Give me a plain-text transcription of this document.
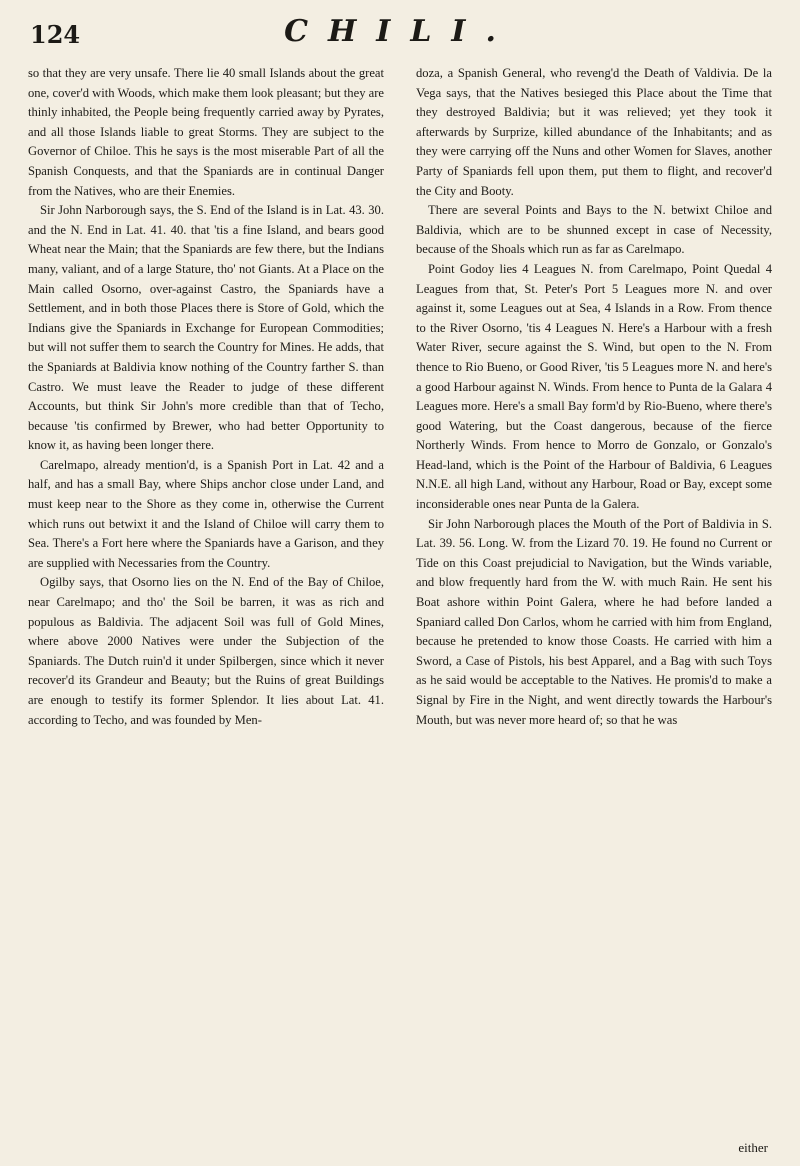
124	CHILI.

so that they are very unsafe. There lie 40 small Islands about the great one, cover'd with Woods, which make them look pleasant; but they are thinly inhabited, the People being frequently carried away by Pyrates, and all those Islands liable to great Storms. They are subject to the Governor of Chiloe. This he says is the most miserable Part of all the Spanish Conquests, and that the Spaniards are in continual Danger from the Natives, who are their Enemies.

Sir John Narborough says, the S. End of the Island is in Lat. 43. 30. and the N. End in Lat. 41. 40. that 'tis a fine Island, and bears good Wheat near the Main; that the Spaniards are few there, but the Indians many, valiant, and of a large Stature, tho' not Giants. At a Place on the Main called Osorno, over-against Castro, the Spaniards have a Settlement, and in both those Places there is Store of Gold, which the Indians give the Spaniards in Exchange for European Commodities; but will not suffer them to search the Country for Mines. He adds, that the Spaniards at Baldivia know nothing of the Country farther S. than Castro. We must leave the Reader to judge of these different Accounts, but think Sir John's more credible than that of Techo, because 'tis confirmed by Brewer, who had better Opportunity to know it, as having been longer there.

Carelmapo, already mention'd, is a Spanish Port in Lat. 42 and a half, and has a small Bay, where Ships anchor close under Land, and must keep near to the Shore as they come in, otherwise the Current which runs out betwixt it and the Island of Chiloe will carry them to Sea. There's a Fort here where the Spaniards have a Garison, and they are supplied with Necessaries from the Country.

Ogilby says, that Osorno lies on the N. End of the Bay of Chiloe, near Carelmapo; and tho' the Soil be barren, it was as rich and populous as Baldivia. The adjacent Soil was full of Gold Mines, where above 2000 Natives were under the Subjection of the Spaniards. The Dutch ruin'd it under Spilbergen, since which it never recover'd its Grandeur and Beauty; but the Ruins of great Buildings are enough to testify its former Splendor. It lies about Lat. 41. according to Techo, and was founded by Men-

doza, a Spanish General, who reveng'd the Death of Valdivia. De la Vega says, that the Natives besieged this Place about the Time that they destroyed Baldivia; but it was relieved; yet they took it afterwards by Surprize, killed abundance of the Inhabitants; and as they were carrying off the Nuns and other Women for Slaves, another Party of Spaniards fell upon them, put them to flight, and recover'd the City and Booty.

There are several Points and Bays to the N. betwixt Chiloe and Baldivia, which are to be shunned except in case of Necessity, because of the Shoals which run as far as Carelmapo.

Point Godoy lies 4 Leagues N. from Carelmapo, Point Quedal 4 Leagues from that, St. Peter's Port 5 Leagues more N. and over against it, some Leagues out at Sea, 4 Islands in a Row. From thence to the River Osorno, 'tis 4 Leagues N. Here's a Harbour with a fresh Water River, secure against the S. Wind, but open to the N. From thence to Rio Bueno, or Good River, 'tis 5 Leagues more N. and here's a good Harbour against N. Winds. From hence to Punta de la Galara 4 Leagues more. Here's a small Bay form'd by Rio-Bueno, where there's good Watering, but the Coast dangerous, because of the fierce Northerly Winds. From hence to Morro de Gonzalo, or Gonzalo's Head-land, which is the Point of the Harbour of Baldivia, 6 Leagues N.N.E. all high Land, without any Harbour, Road or Bay, except some inconsiderable ones near Punta de la Galera.

Sir John Narborough places the Mouth of the Port of Baldivia in S. Lat. 39. 56. Long. W. from the Lizard 70. 19. He found no Current or Tide on this Coast prejudicial to Navigation, but the Winds variable, and blow frequently hard from the W. with much Rain. He sent his Boat ashore within Point Galera, where he had before landed a Spaniard called Don Carlos, whom he carried with him from England, because he pretended to know those Coasts. He carried with him a Sword, a Case of Pistols, his best Apparel, and a Bag with such Toys as he said would be acceptable to the Natives. He promis'd to make a Signal by Fire in the Night, and went directly towards the Harbour's Mouth, but was never more heard of; so that he was

either
